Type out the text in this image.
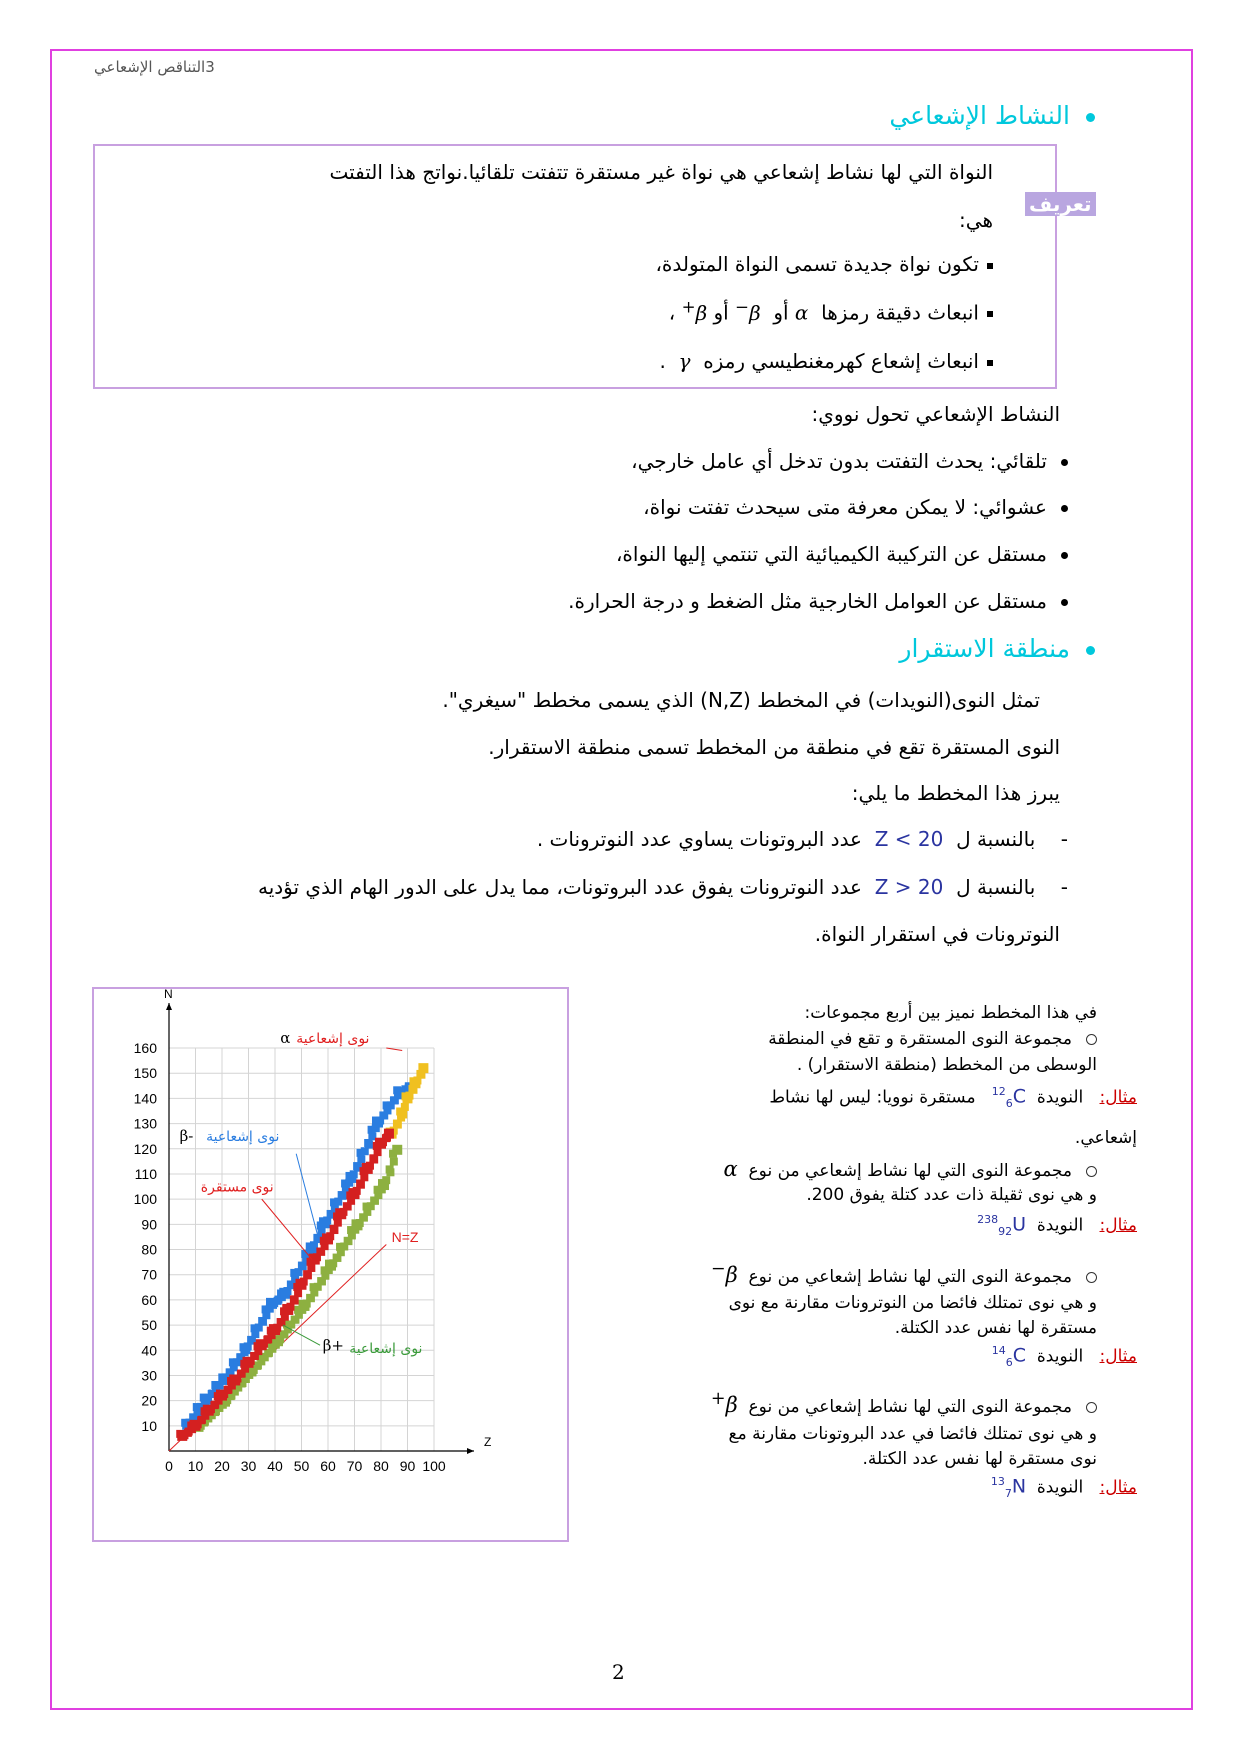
3التناقص الإشعاعي
النشاط الإشعاعي
تعريف
النواة التي لها نشاط إشعاعي هي نواة غير مستقرة تتفتت تلقائيا.نواتج هذا التفتت
هي:
تكون نواة جديدة تسمى النواة المتولدة،
انبعاث دقيقة رمزها  α أو  β− أو β+ ،
انبعاث إشعاع كهرمغنطيسي رمزه  γ  .
النشاط الإشعاعي تحول نووي:
تلقائي: يحدث التفتت بدون تدخل أي عامل خارجي،
عشوائي: لا يمكن معرفة متى سيحدث تفتت نواة،
مستقل عن التركيبة الكيميائية التي تنتمي إليها النواة،
مستقل عن العوامل الخارجية مثل الضغط و درجة الحرارة.
منطقة الاستقرار
تمثل النوى(النويدات) في المخطط (N,Z) الذي يسمى مخطط "سيغري".
النوى المستقرة تقع في منطقة من المخطط تسمى منطقة الاستقرار.
يبرز هذا المخطط ما يلي:
-    بالنسبة ل  Z < 20  عدد البروتونات يساوي عدد النوترونات .
-    بالنسبة ل  Z > 20  عدد النوترونات يفوق عدد البروتونات، مما يدل على الدور الهام الذي تؤديه
النوترونات في استقرار النواة.
في هذا المخطط نميز بين أربع مجموعات:
مجموعة النوى المستقرة و تقع في المنطقة
الوسطى من المخطط (منطقة الاستقرار) .
مثال:   النويدة  $^{12}_6$C   مستقرة نوويا: ليس لها نشاط
إشعاعي.
مجموعة النوى التي لها نشاط إشعاعي من نوع  α
و هي نوى ثقيلة ذات عدد كتلة يفوق 200.
مثال:   النويدة  $^{238}_{92}$U
مجموعة النوى التي لها نشاط إشعاعي من نوع  β−
و هي نوى تمتلك فائضا من النوترونات مقارنة مع نوى
مستقرة لها نفس عدد الكتلة.
مثال:   النويدة  $^{14}_6$C
مجموعة النوى التي لها نشاط إشعاعي من نوع  β+
و هي نوى تمتلك فائضا في عدد البروتونات مقارنة مع
نوى مستقرة لها نفس عدد الكتلة.
مثال:   النويدة  $^{13}_7$N
Z
N
0 10 20 30 40 50 60 70 80 90 100
10
20
30
40
50
60
70
80
90
100
110
120
130
140
150
160
N=Z
α نوى إشعاعية
β- نوى إشعاعية
نوى مستقرة
β+ نوى إشعاعية
2
